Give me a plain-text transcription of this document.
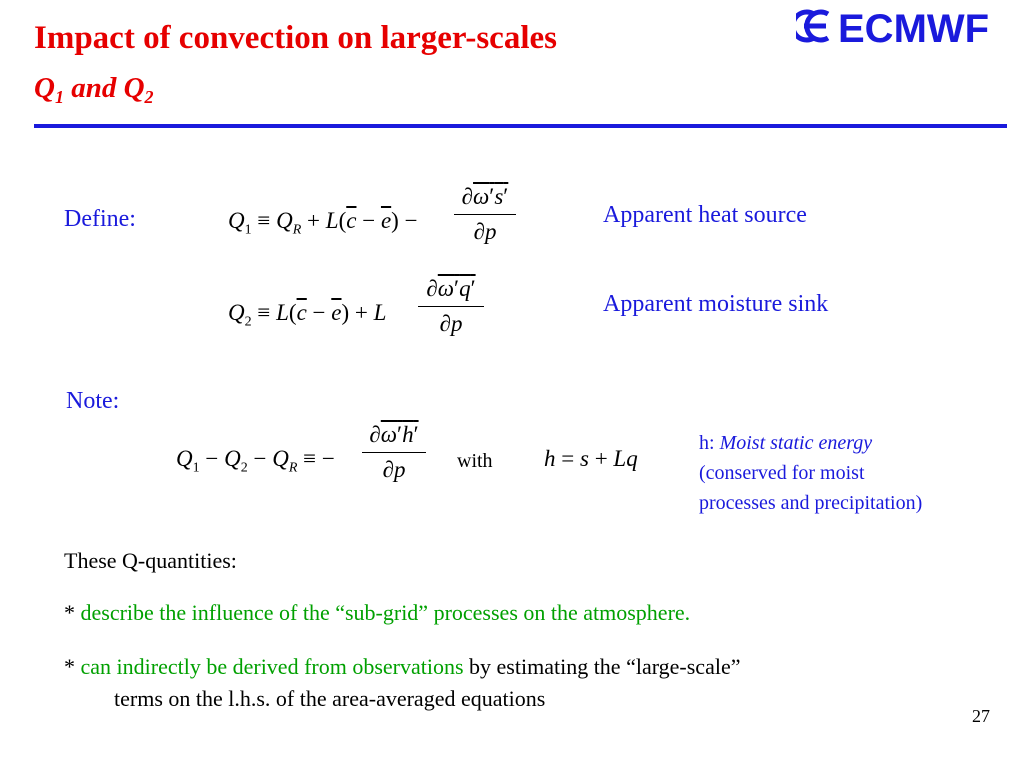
Impact of convection on larger-scales
$Q_1$ and $Q_2$
ECMWF
Define:	$Q_1 \equiv Q_R + L(\overline{c} - \overline{e})$ −
∂ω′s′
∂p
Apparent heat source
$Q_2 \equiv L(\overline{c} - \overline{e}) + L$
∂ω′q′
∂p
Apparent moisture sink
Note:
$Q_1 - Q_2 - Q_R$ ≡ −
∂ω′h′
∂p	with h = s + Lq
h: Moist static energy
(conserved for moist
processes and precipitation)
These Q-quantities:
* describe the influence of the “sub-grid” processes on the atmosphere.
* can indirectly be derived from observations by estimating the “large-scale”
terms on the l.h.s. of the area-averaged equations
27
